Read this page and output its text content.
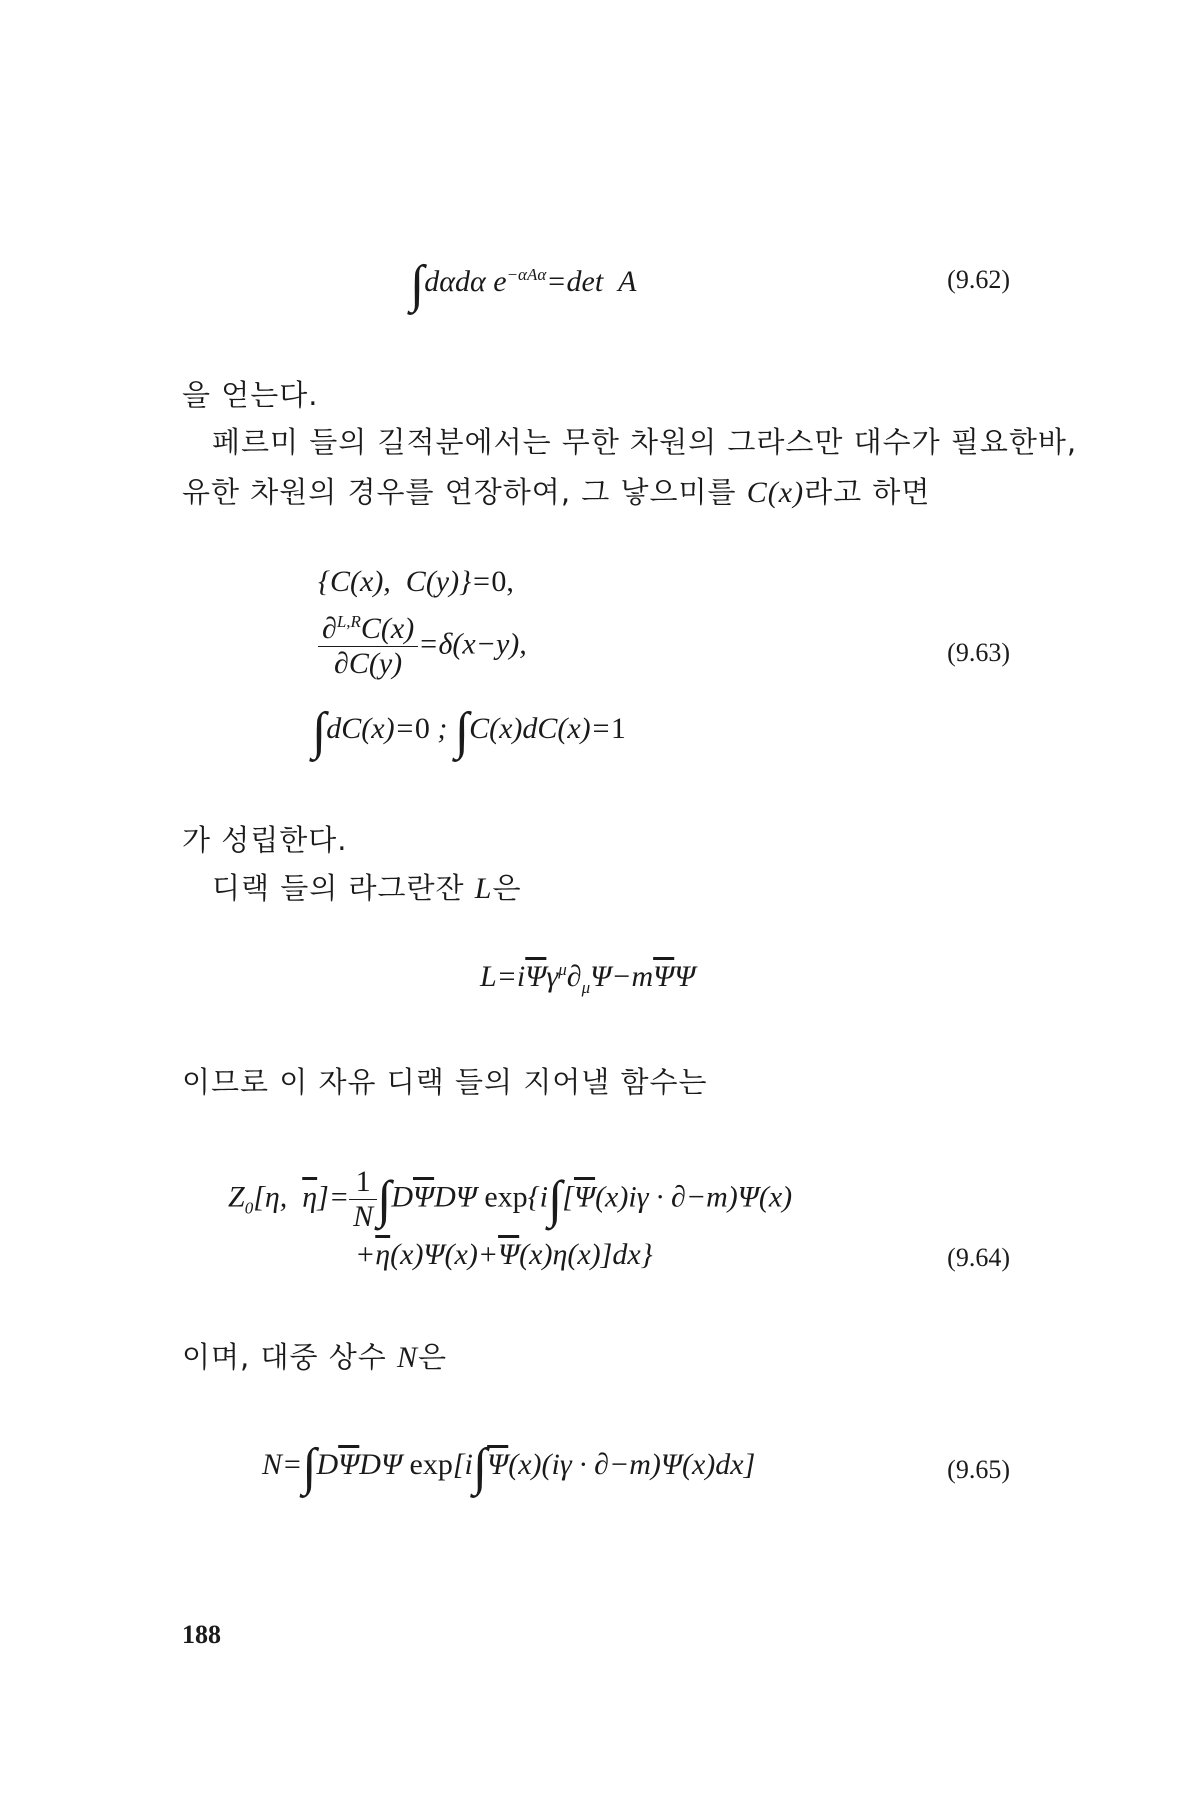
∫dαdα $e^{-\alpha A\alpha}=\det$  A	(9.62)
을 얻는다.
페르미 들의 길적분에서는 무한 차원의 그라스만 대수가 필요한바,
유한 차원의 경우를 연장하여, 그 낳으미를 C(x)라고 하면
{C(x),  C(y)}=0,
$\frac{\partial^{L,R}C(x)}{\partial C(y)} =\delta(x-y)$,	(9.63)
∫dC(x)=0 ; ∫C(x)dC(x)=1
가 성립한다.
디랙 들의 라그란잔 L은
$L=i\overline{\Psi}\gamma^\mu\partial_\mu\Psi-m\overline{\Psi}\Psi$
이므로 이 자유 디랙 들의 지어낼 함수는
$Z_0[\eta$,  $\overline{\eta}]= \frac{1}{N} \int D\overline{\Psi}D\Psi$ $\exp\{i\int[\overline{\Psi}(x)i\gamma \cdot \partial-m)\Psi(x)$
$+\overline{\eta}(x)\Psi(x)+\overline{\Psi}(x)\eta(x)]dx$}	(9.64)
이며, 대중 상수 N은
$N=\int D\overline{\Psi}D\Psi$ $\exp[i\int\overline{\Psi}(x)(i\gamma \cdot \partial-m)\Psi(x)dx]$	(9.65)
188
